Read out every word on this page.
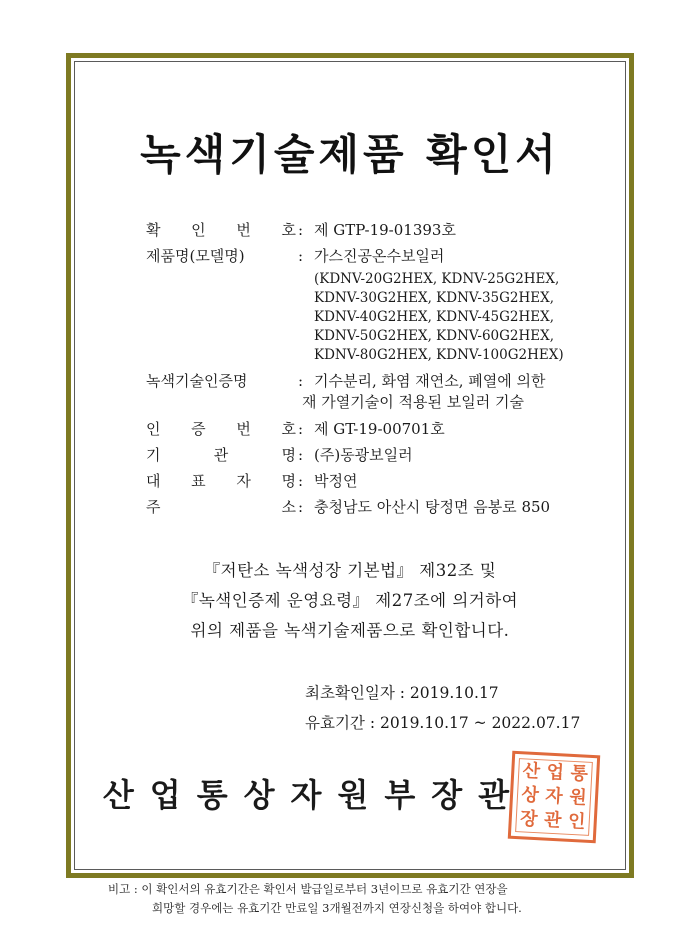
녹색기술제품 확인서
확 인 번 호 : 제 GTP-19-01393호
제품명(모델명)	: 가스진공온수보일러
(KDNV-20G2HEX, KDNV-25G2HEX,
KDNV-30G2HEX, KDNV-35G2HEX,
KDNV-40G2HEX, KDNV-45G2HEX,
KDNV-50G2HEX, KDNV-60G2HEX,
KDNV-80G2HEX, KDNV-100G2HEX)
녹색기술인증명	: 기수분리, 화염 재연소, 폐열에 의한
재 가열기술이 적용된 보일러 기술
인 증 번 호 : 제 GT-19-00701호
기	관	명 : (주)동광보일러
대 표 자 명 : 박정연
주	소 : 충청남도 아산시 탕정면 음봉로 850
『저탄소 녹색성장 기본법』 제32조 및
『녹색인증제 운영요령』 제27조에 의거하여
위의 제품을 녹색기술제품으로 확인합니다.
최초확인일자 : 2019.10.17
유효기간 : 2019.10.17 ~ 2022.07.17
산업통상자원부장관
산 업 통
상 자 원
장 관 인
비고 : 이 확인서의 유효기간은 확인서 발급일로부터 3년이므로 유효기간 연장을
희망할 경우에는 유효기간 만료일 3개월전까지 연장신청을 하여야 합니다.
